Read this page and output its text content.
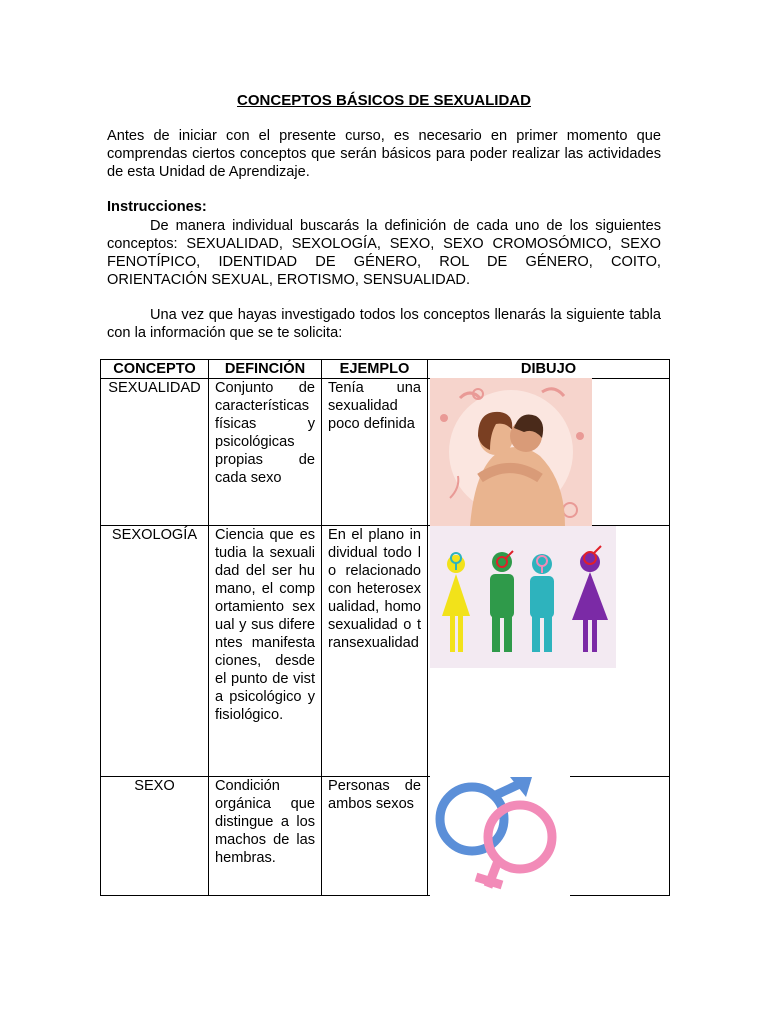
CONCEPTOS BÁSICOS DE SEXUALIDAD
Antes de iniciar con el presente curso, es necesario en primer momento que comprendas ciertos conceptos que serán básicos para poder realizar las actividades de esta Unidad de Aprendizaje.
Instrucciones:
De manera individual buscarás la definición de cada uno de los siguientes conceptos: SEXUALIDAD, SEXOLOGÍA, SEXO, SEXO CROMOSÓMICO, SEXO FENOTÍPICO, IDENTIDAD DE GÉNERO, ROL DE GÉNERO, COITO, ORIENTACIÓN SEXUAL, EROTISMO, SENSUALIDAD.
Una vez que hayas investigado todos los conceptos llenarás la siguiente tabla con la información que se te solicita:
CONCEPTO	DEFINCIÓN	EJEMPLO	DIBUJO
SEXUALIDAD	Conjunto de características físicas y psicológicas propias de cada sexo	Tenía una sexualidad poco definida	

SEXOLOGÍA	Ciencia que estudia la sexualidad del ser humano, el comportamiento sexual y sus diferentes manifestaciones, desde el punto de vista psicológico y fisiológico.	En el plano individual todo lo relacionado con heterosexualidad, homosexualidad o transexualidad	

SEXO	Condición orgánica que distingue a los machos de las hembras.	Personas de ambos sexos	
